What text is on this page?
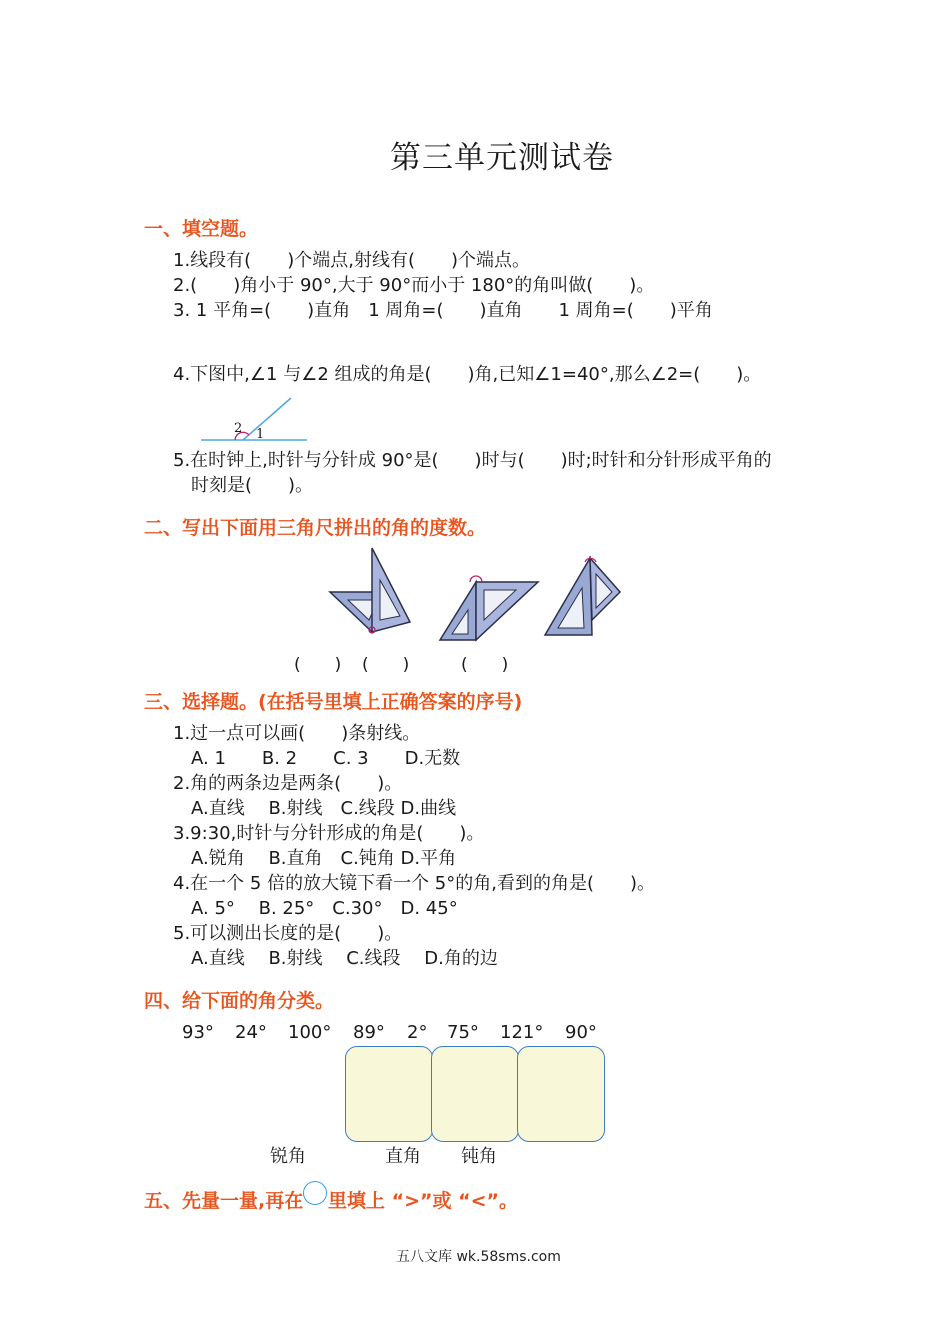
第三单元测试卷
一、填空题。
1.线段有(　　)个端点,射线有(　　)个端点。
2.(　　)角小于 90°,大于 90°而小于 180°的角叫做(　　)。
3. 1 平角=(　　)直角　1 周角=(　　)直角　　1 周角=(　　)平角
4.下图中,∠1 与∠2 组成的角是(　　)角,已知∠1=40°,那么∠2=(　　)。
2 1
5.在时钟上,时针与分针成 90°是(　　)时与(　　)时;时针和分针形成平角的
时刻是(　　)。
二、写出下面用三角尺拼出的角的度数。
(　　) (　　)	(　　)
三、选择题。(在括号里填上正确答案的序号)
1.过一点可以画(　　)条射线。
A. 1　　B. 2　　C. 3　　D.无数
2.角的两条边是两条(　　)。
A.直线　 B.射线　C.线段 D.曲线
3.9:30,时针与分针形成的角是(　　)。
A.锐角　 B.直角　C.钝角 D.平角
4.在一个 5 倍的放大镜下看一个 5°的角,看到的角是(　　)。
A. 5°　 B. 25°　C.30°　D. 45°
5.可以测出长度的是(　　)。
A.直线　 B.射线　 C.线段　 D.角的边
四、给下面的角分类。
93° 24° 100° 89° 2° 75° 121° 90°
锐角	直角 钝角
五、先量一量,再在 里填上 “>”或 “<”。
五八文库 wk.58sms.com
